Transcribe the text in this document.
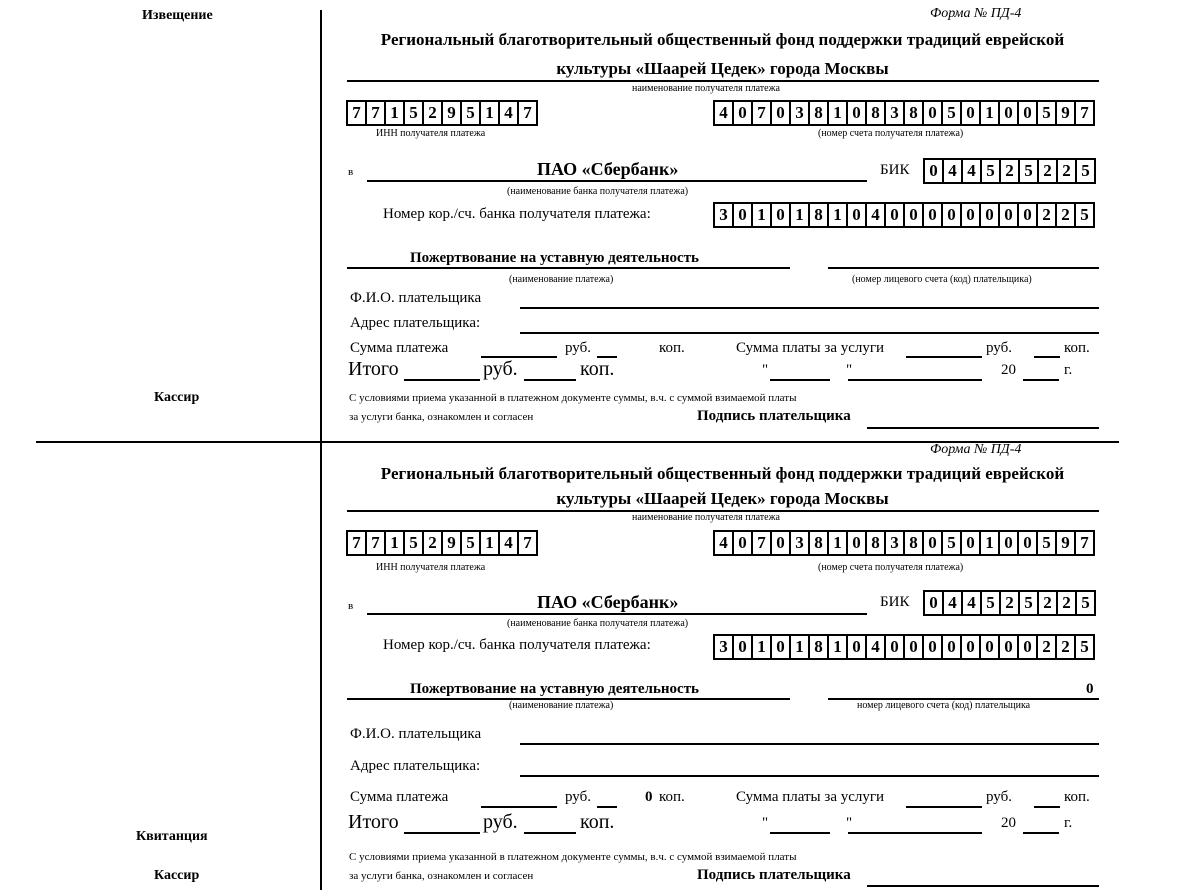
Извещение
Кассир
Квитанция
Кассир
Форма № ПД-4
Региональный благотворительный общественный фонд поддержки традиций еврейской
культуры «Шаарей Цедек» города Москвы
наименование получателя платежа
7 7 1 5 2 9 5 1 4 7
ИНН получателя платежа
4 0 7 0 3 8 1 0 8 3 8 0 5 0 1 0 0 5 9 7
(номер счета получателя платежа)
в	ПАО «Сбербанк»
(наименование банка получателя платежа)
БИК 0 4 4 5 2 5 2 2 5
Номер кор./сч. банка получателя платежа:	3 0 1 0 1 8 1 0 4 0 0 0 0 0 0 0 0 2 2 5
Пожертвование на уставную деятельность
(наименование платежа)	(номер лицевого счета (код) плательщика)
Ф.И.О. плательщика
Адрес плательщика:
Сумма платежа	руб.	коп.	Сумма платы за услуги	руб.	коп.
Итого	руб.	коп.	"	"	20	г.
С условиями приема указанной в платежном документе суммы, в.ч. с суммой взимаемой платы
за услуги банка, ознакомлен и согласен	Подпись плательщика
Форма № ПД-4
Региональный благотворительный общественный фонд поддержки традиций еврейской
культуры «Шаарей Цедек» города Москвы
наименование получателя платежа
7 7 1 5 2 9 5 1 4 7
ИНН получателя платежа
4 0 7 0 3 8 1 0 8 3 8 0 5 0 1 0 0 5 9 7
(номер счета получателя платежа)
в	ПАО «Сбербанк»
(наименование банка получателя платежа)
БИК 0 4 4 5 2 5 2 2 5
Номер кор./сч. банка получателя платежа:	3 0 1 0 1 8 1 0 4 0 0 0 0 0 0 0 0 2 2 5
Пожертвование на уставную деятельность
(наименование платежа)
0
номер лицевого счета (код) плательщика
Ф.И.О. плательщика
Адрес плательщика:
Сумма платежа	руб.	0 коп.	Сумма платы за услуги	руб.	коп.
Итого	руб.	коп.	"	"	20	г.
С условиями приема указанной в платежном документе суммы, в.ч. с суммой взимаемой платы
за услуги банка, ознакомлен и согласен	Подпись плательщика
